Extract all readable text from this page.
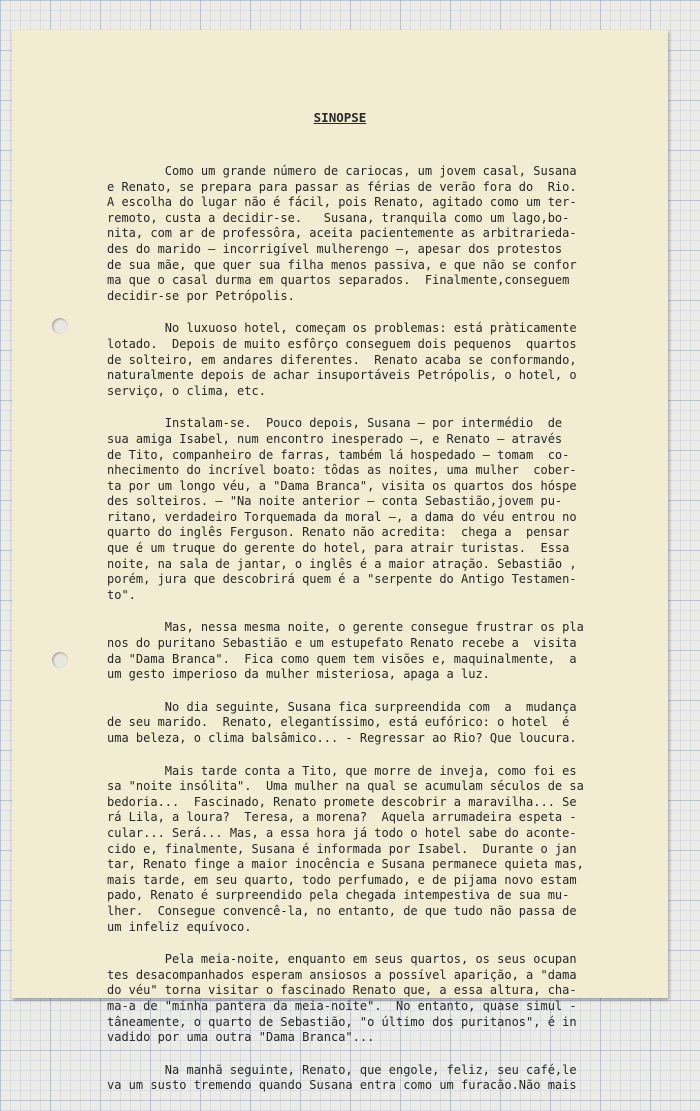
SINOPSE
Como um grande número de cariocas, um jovem casal, Susana
e Renato, se prepara para passar as férias de verão fora do  Rio.
A escolha do lugar não é fácil, pois Renato, agitado como um ter-
remoto, custa a decidir-se.   Susana, tranquila como um lago,bo-
nita, com ar de professôra, aceita pacientemente as arbitrarieda-
des do marido — incorrigível mulherengo —, apesar dos protestos
de sua mãe, que quer sua filha menos passiva, e que não se confor
ma que o casal durma em quartos separados.  Finalmente,conseguem
decidir-se por Petrópolis.
No luxuoso hotel, começam os problemas: está pràticamente
lotado.  Depois de muito esfôrço conseguem dois pequenos  quartos
de solteiro, em andares diferentes.  Renato acaba se conformando,
naturalmente depois de achar insuportáveis Petrópolis, o hotel, o
serviço, o clima, etc.
Instalam-se.  Pouco depois, Susana — por intermédio  de
sua amiga Isabel, num encontro inesperado —, e Renato — através
de Tito, companheiro de farras, também lá hospedado — tomam  co-
nhecimento do incrível boato: tôdas as noites, uma mulher  cober-
ta por um longo véu, a "Dama Branca", visita os quartos dos hóspe
des solteiros. — "Na noite anterior — conta Sebastião,jovem pu-
ritano, verdadeiro Torquemada da moral —, a dama do véu entrou no
quarto do inglês Ferguson. Renato não acredita:  chega a  pensar
que é um truque do gerente do hotel, para atrair turistas.  Essa
noite, na sala de jantar, o inglês é a maior atração. Sebastião ,
porém, jura que descobrirá quem é a "serpente do Antigo Testamen-
to".
Mas, nessa mesma noite, o gerente consegue frustrar os pla
nos do puritano Sebastião e um estupefato Renato recebe a  visita
da "Dama Branca".  Fica como quem tem visões e, maquinalmente,  a
um gesto imperioso da mulher misteriosa, apaga a luz.
No dia seguinte, Susana fica surpreendida com  a  mudança
de seu marido.  Renato, elegantíssimo, está eufórico: o hotel  é
uma beleza, o clima balsâmico... - Regressar ao Rio? Que loucura.
Mais tarde conta a Tito, que morre de inveja, como foi es
sa "noite insólita".  Uma mulher na qual se acumulam séculos de sa
bedoria...  Fascinado, Renato promete descobrir a maravilha... Se
rá Lila, a loura?  Teresa, a morena?  Aquela arrumadeira espeta -
cular... Será... Mas, a essa hora já todo o hotel sabe do aconte-
cido e, finalmente, Susana é informada por Isabel.  Durante o jan
tar, Renato finge a maior inocência e Susana permanece quieta mas,
mais tarde, em seu quarto, todo perfumado, e de pijama novo estam
pado, Renato é surpreendido pela chegada intempestiva de sua mu-
lher.  Consegue convencê-la, no entanto, de que tudo não passa de
um infeliz equívoco.
Pela meia-noite, enquanto em seus quartos, os seus ocupan
tes desacompanhados esperam ansiosos a possível aparição, a "dama
do véu" torna visitar o fascinado Renato que, a essa altura, cha-
ma-a de "minha pantera da meia-noite".  No entanto, quase simul -
tâneamente, o quarto de Sebastião, "o último dos puritanos", é in
vadido por uma outra "Dama Branca"...
Na manhã seguinte, Renato, que engole, feliz, seu café,le
va um susto tremendo quando Susana entra como um furacão.Não mais
